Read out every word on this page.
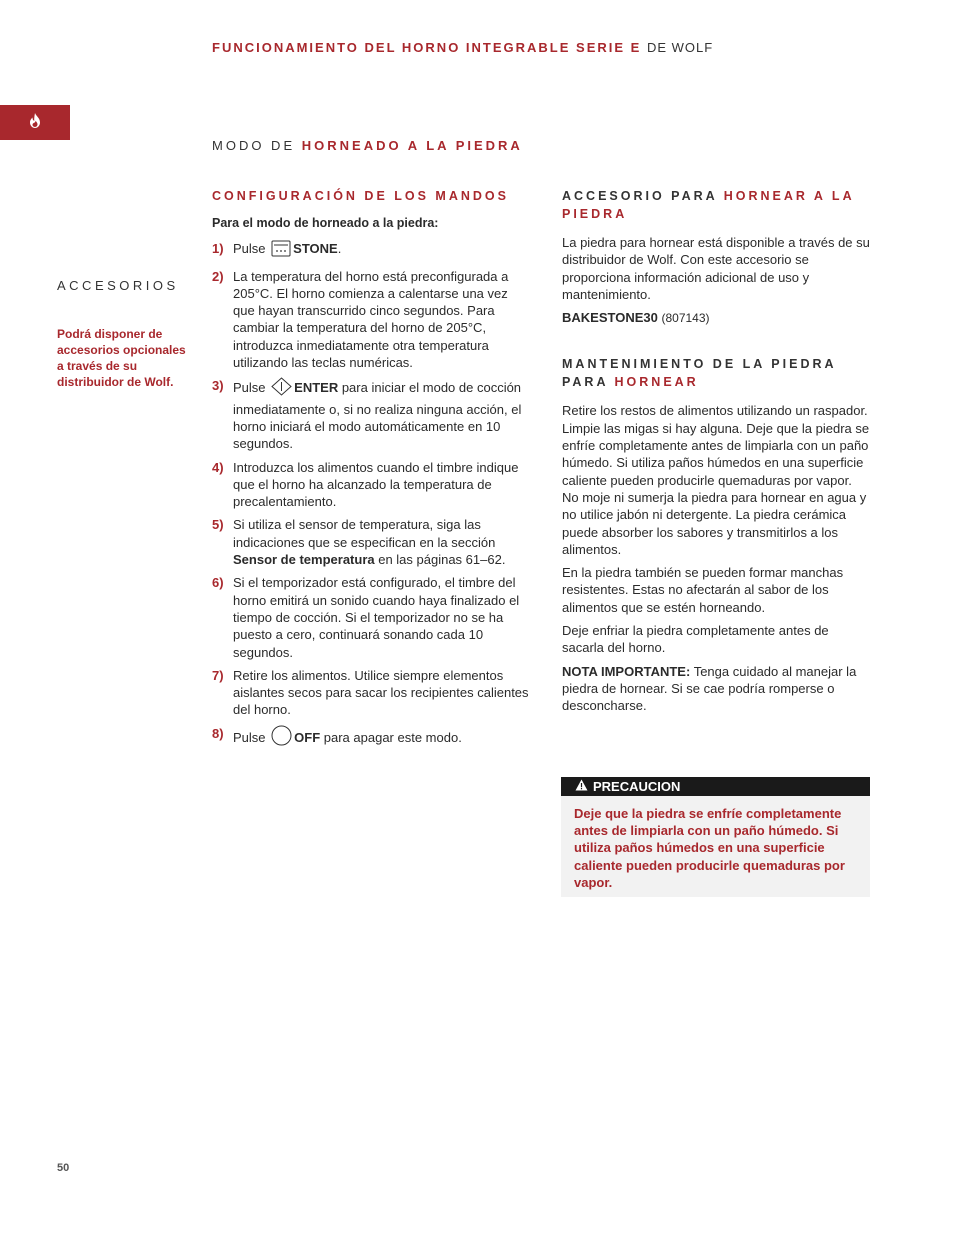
FUNCIONAMIENTO DEL HORNO INTEGRABLE SERIE E DE WOLF
MODO DE HORNEADO A LA PIEDRA
ACCESORIOS
Podrá disponer de accesorios opcionales a través de su distribuidor de Wolf.
CONFIGURACIÓN DE LOS MANDOS
Para el modo de horneado a la piedra:
1) Pulse STONE.
2) La temperatura del horno está preconfigurada a 205°C. El horno comienza a calentarse una vez que hayan transcurrido cinco segundos. Para cambiar la temperatura del horno de 205°C, introduzca inmediatamente otra temperatura utilizando las teclas numéricas.
3) Pulse ENTER para iniciar el modo de cocción inmediatamente o, si no realiza ninguna acción, el horno iniciará el modo automáticamente en 10 segundos.
4) Introduzca los alimentos cuando el timbre indique que el horno ha alcanzado la temperatura de precalentamiento.
5) Si utiliza el sensor de temperatura, siga las indicaciones que se especifican en la sección Sensor de temperatura en las páginas 61–62.
6) Si el temporizador está configurado, el timbre del horno emitirá un sonido cuando haya finalizado el tiempo de cocción. Si el temporizador no se ha puesto a cero, continuará sonando cada 10 segundos.
7) Retire los alimentos. Utilice siempre elementos aislantes secos para sacar los recipientes calientes del horno.
8) Pulse OFF para apagar este modo.
ACCESORIO PARA HORNEAR A LA PIEDRA

La piedra para hornear está disponible a través de su distribuidor de Wolf. Con este accesorio se proporciona información adicional de uso y mantenimiento.

BAKESTONE30 (807143)

MANTENIMIENTO DE LA PIEDRA PARA HORNEAR

Retire los restos de alimentos utilizando un raspador. Limpie las migas si hay alguna. Deje que la piedra se enfríe completamente antes de limpiarla con un paño húmedo. Si utiliza paños húmedos en una superficie caliente pueden producirle quemaduras por vapor. No moje ni sumerja la piedra para hornear en agua y no utilice jabón ni detergente. La piedra cerámica puede absorber los sabores y transmitirlos a los alimentos.

En la piedra también se pueden formar manchas resistentes. Estas no afectarán al sabor de los alimentos que se estén horneando.

Deje enfriar la piedra completamente antes de sacarla del horno.

NOTA IMPORTANTE: Tenga cuidado al manejar la piedra de hornear. Si se cae podría romperse o desconcharse.

PRECAUCION
Deje que la piedra se enfríe completamente antes de limpiarla con un paño húmedo. Si utiliza paños húmedos en una superficie caliente pueden producirle quemaduras por vapor.
50
